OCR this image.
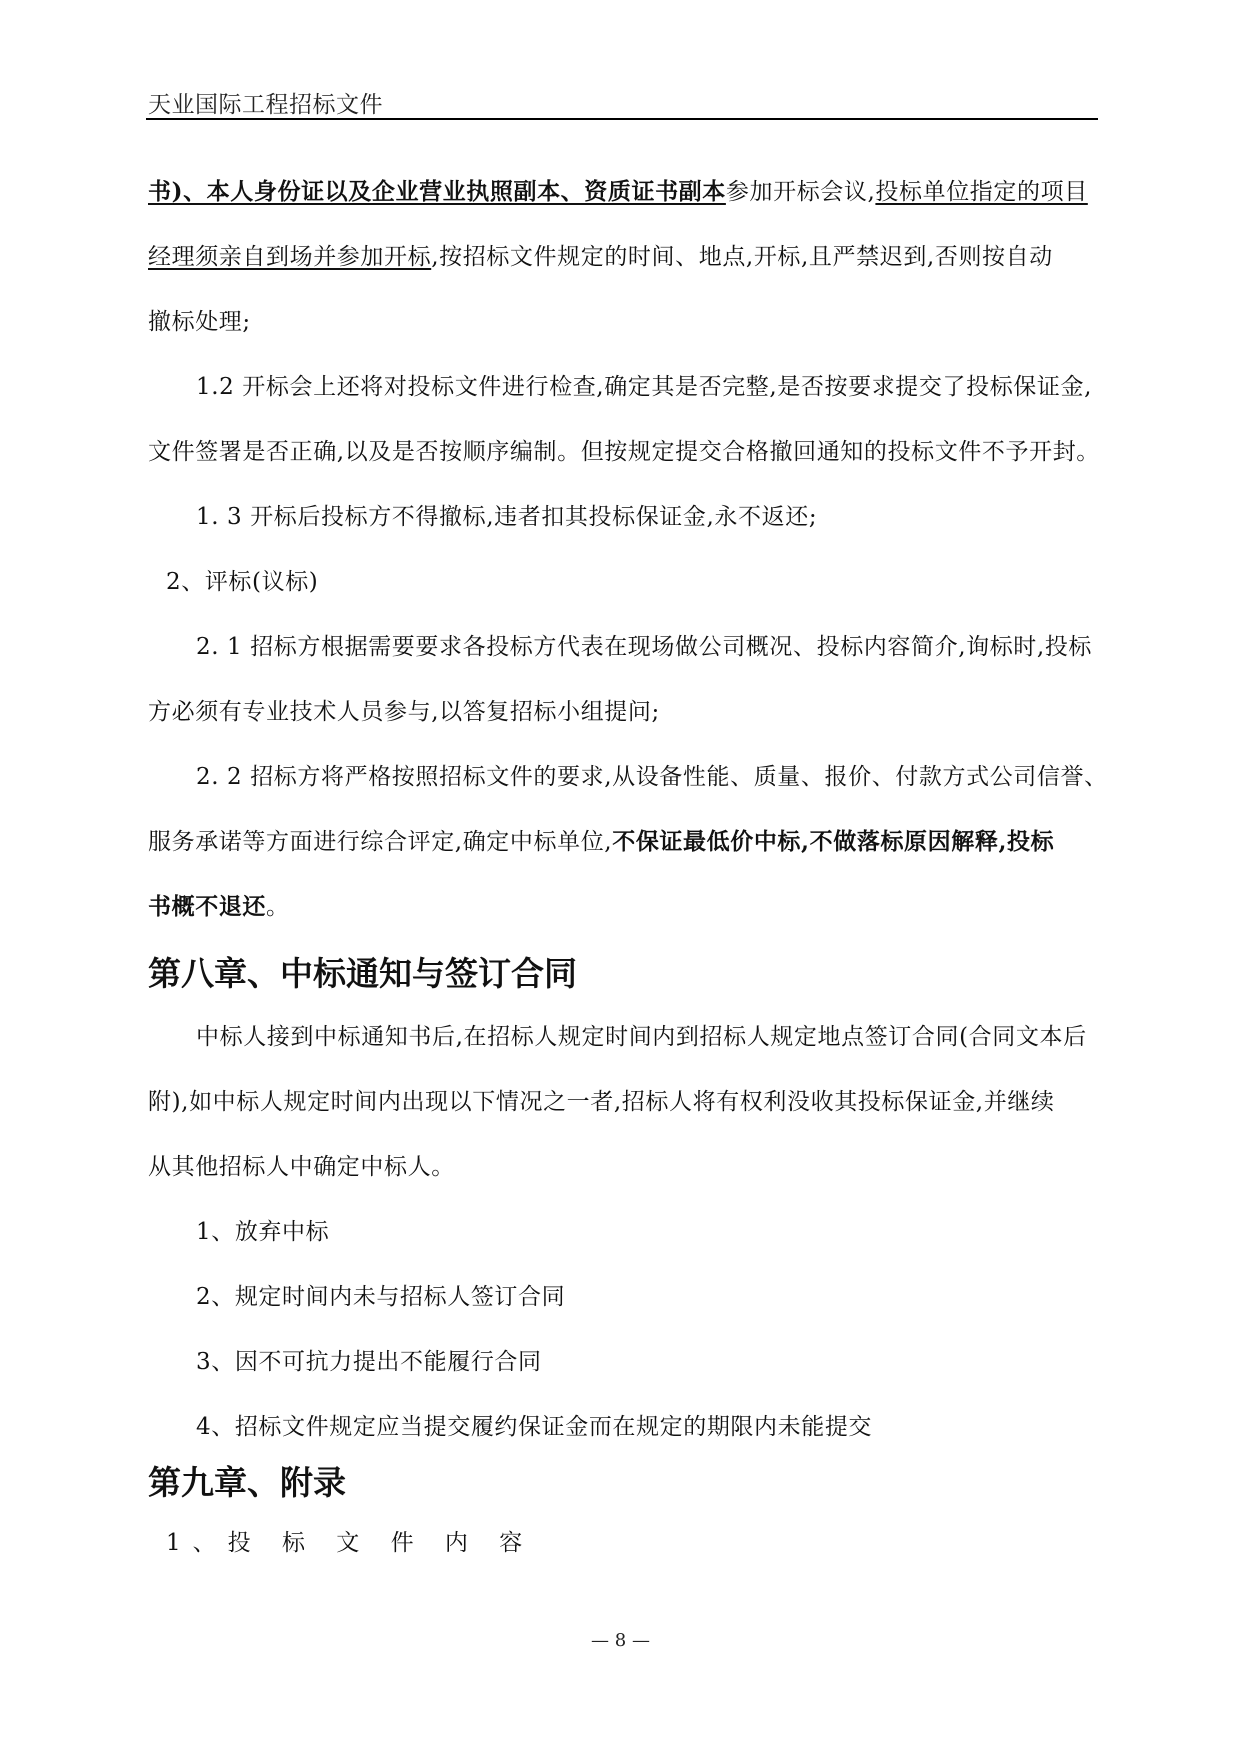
天业国际工程招标文件
书)、本人身份证以及企业营业执照副本、资质证书副本参加开标会议,投标单位指定的项目
经理须亲自到场并参加开标,按招标文件规定的时间、地点,开标,且严禁迟到,否则按自动
撤标处理;
1.2 开标会上还将对投标文件进行检查,确定其是否完整,是否按要求提交了投标保证金,
文件签署是否正确,以及是否按顺序编制。但按规定提交合格撤回通知的投标文件不予开封。
1. 3 开标后投标方不得撤标,违者扣其投标保证金,永不返还;
2、评标(议标)
2. 1 招标方根据需要要求各投标方代表在现场做公司概况、投标内容简介,询标时,投标
方必须有专业技术人员参与,以答复招标小组提问;
2. 2 招标方将严格按照招标文件的要求,从设备性能、质量、报价、付款方式公司信誉、
服务承诺等方面进行综合评定,确定中标单位,不保证最低价中标,不做落标原因解释,投标
书概不退还。
第八章、中标通知与签订合同
中标人接到中标通知书后,在招标人规定时间内到招标人规定地点签订合同(合同文本后
附),如中标人规定时间内出现以下情况之一者,招标人将有权利没收其投标保证金,并继续
从其他招标人中确定中标人。
1、放弃中标
2、规定时间内未与招标人签订合同
3、因不可抗力提出不能履行合同
4、招标文件规定应当提交履约保证金而在规定的期限内未能提交
第九章、附录
1、投 标 文 件 内 容
— 8 —
